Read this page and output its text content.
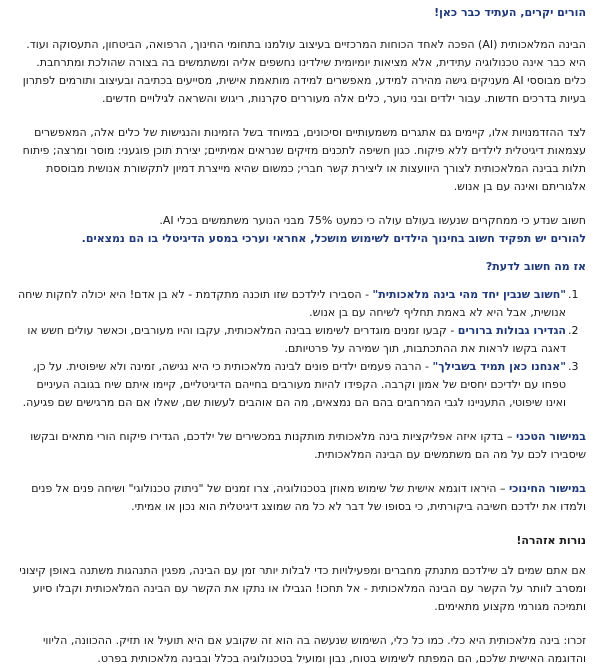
הורים יקרים, העתיד כבר כאן!

הבינה המלאכותית (AI) הפכה לאחד הכוחות המרכזיים בעיצוב עולמנו בתחומי החינוך, הרפואה, הביטחון, התעסוקה ועוד. היא כבר אינה טכנולוגיה עתידית, אלא מציאות יומיומית שילדינו נחשפים אליה ומשתמשים בה בצורה שהולכת ומתרחבת. כלים מבוססי AI מעניקים גישה מהירה למידע, מאפשרים למידה מותאמת אישית, מסייעים בכתיבה ובעיצוב ותורמים לפתרון בעיות בדרכים חדשות. עבור ילדים ובני נוער, כלים אלה מעוררים סקרנות, ריגוש והשראה לגילויים חדשים.

לצד ההזדמנויות אלו, קיימים גם אתגרים משמעותיים וסיכונים, במיוחד בשל הזמינות והנגישות של כלים אלה, המאפשרים עצמאות דיגיטלית לילדים ללא פיקוח. כגון חשיפה לתכנים מזיקים שנראים אמיתיים; יצירת תוכן פוגעני: מוסר ומרצה; פיתוח תלות בבינה המלאכותית לצורך היוועצות או ליצירת קשר חברי; כמשום שהיא מייצרת דמיון לתקשורת אנושית מבוססת אלגוריתם ואינה עם בן אנוש.

חשוב שנדע כי ממחקרים שנעשו בעולם עולה כי כמעט 75% מבני הנוער משתמשים בכלי AI.

להורים יש תפקיד חשוב בחינוך הילדים לשימוש מושכל, אחראי וערכי במסע הדיגיטלי בו הם נמצאים.

אז מה חשוב לדעת?

1.
"חשוב שנבין יחד מהי בינה מלאכותית" - הסבירו לילדכם שזו תוכנה מתקדמת - לא בן אדם! היא יכולה לחקות שיחה אנושית, אבל היא לא באמת תחליף לשיחה עם בן אנוש.
2.
הגדירו גבולות ברורים - קבעו זמנים מוגדרים לשימוש בבינה המלאכותית, עקבו והיו מעורבים, וכאשר עולים חשש או דאגה בקשו לראות את ההתכתבות, תוך שמירה על פרטיותם.
3.
"אנחנו כאן תמיד בשבילך" - הרבה פעמים ילדים פונים לבינה מלאכותית כי היא נגישה, זמינה ולא שיפוטית. על כן, טפחו עם ילדיכם יחסים של אמון וקרבה. הקפידו להיות מעורבים בחייהם הדיגיטליים, קיימו איתם שיח בגובה העיניים ואינו שיפוטי, התעניינו לגבי המרחבים בהם הם נמצאים, מה הם אוהבים לעשות שם, שאלו אם הם מרגישים שם פגיעה.

במישור הטכני – בדקו איזה אפליקציות בינה מלאכותית מותקנות במכשירים של ילדכם, הגדירו פיקוח הורי מתאים ובקשו שיסבירו לכם על מה הם משתמשים עם הבינה המלאכותית.

במישור החינוכי – היראו דוגמא אישית של שימוש מאוזן בטכנולוגיה, צרו זמנים של "ניתוק טכנולוגי" ושיחה פנים אל פנים ולמדו את ילדכם חשיבה ביקורתית, כי בסופו של דבר לא כל מה שמוצג דיגיטלית הוא נכון או אמיתי.

נורות אזהרה!

אם אתם שמים לב שילדכם מתנתק מחברים ומפעילויות כדי לבלות יותר זמן עם הבינה, מפגין התנהגות משתנה באופן קיצוני ומסרב לוותר על הקשר עם הבינה המלאכותית - אל תחכו! הגבילו או נתקו את הקשר עם הבינה המלאכותית וקבלו סיוע ותמיכה מגורמי מקצוע מתאימים.

זכרו: בינה מלאכותית היא כלי. כמו כל כלי, השימוש שנעשה בה הוא זה שקובע אם היא תועיל או תזיק. ההכוונה, הליווי והדוגמה האישית שלכם, הם המפתח לשימוש בטוח, נבון ומועיל בטכנולוגיה בכלל ובבינה מלאכותית בפרט.
